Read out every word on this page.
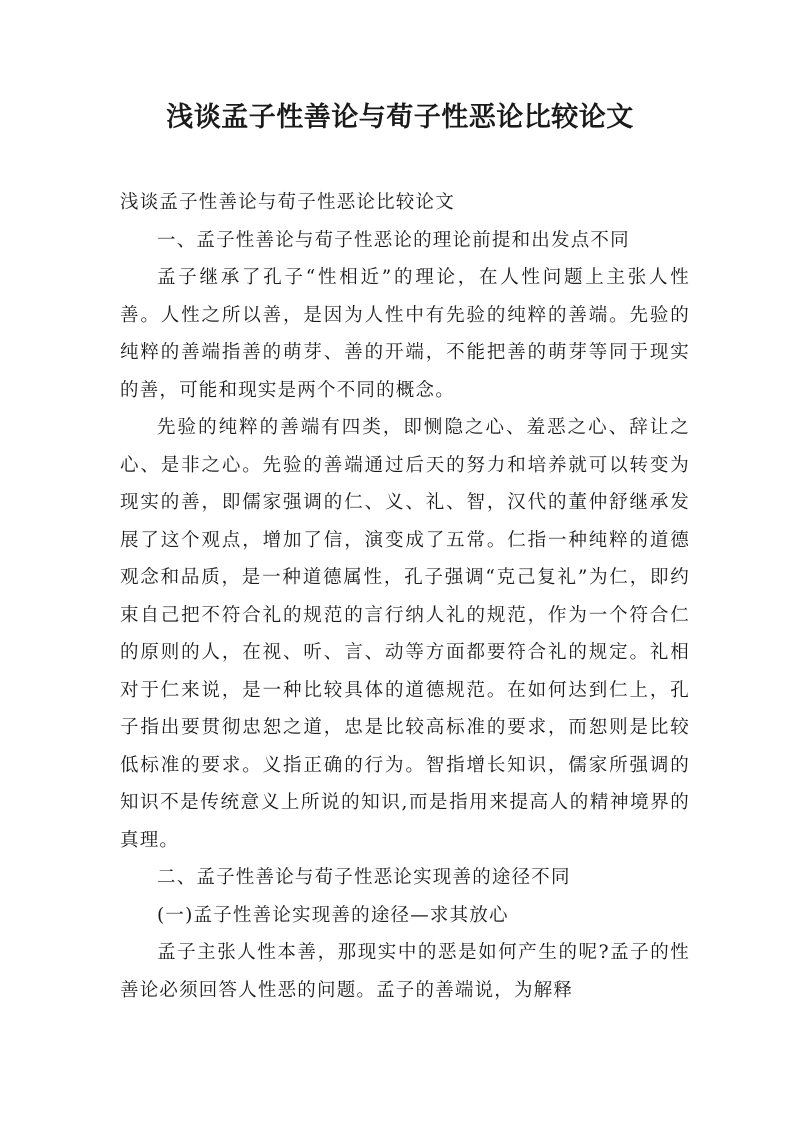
浅谈孟子性善论与荀子性恶论比较论文

浅谈孟子性善论与荀子性恶论比较论文

一、孟子性善论与荀子性恶论的理论前提和出发点不同

孟子继承了孔子“性相近”的理论，在人性问题上主张人性善。人性之所以善，是因为人性中有先验的纯粹的善端。先验的纯粹的善端指善的萌芽、善的开端，不能把善的萌芽等同于现实的善，可能和现实是两个不同的概念。

先验的纯粹的善端有四类，即恻隐之心、羞恶之心、辞让之心、是非之心。先验的善端通过后天的努力和培养就可以转变为现实的善，即儒家强调的仁、义、礼、智，汉代的董仲舒继承发展了这个观点，增加了信，演变成了五常。仁指一种纯粹的道德观念和品质，是一种道德属性，孔子强调“克己复礼”为仁，即约束自己把不符合礼的规范的言行纳人礼的规范，作为一个符合仁的原则的人，在视、听、言、动等方面都要符合礼的规定。礼相对于仁来说，是一种比较具体的道德规范。在如何达到仁上，孔子指出要贯彻忠恕之道，忠是比较高标准的要求，而恕则是比较低标准的要求。义指正确的行为。智指增长知识，儒家所强调的知识不是传统意义上所说的知识,而是指用来提高人的精神境界的真理。

二、孟子性善论与荀子性恶论实现善的途径不同

(一)孟子性善论实现善的途径—求其放心

孟子主张人性本善，那现实中的恶是如何产生的呢?孟子的性善论必须回答人性恶的问题。孟子的善端说，为解释
